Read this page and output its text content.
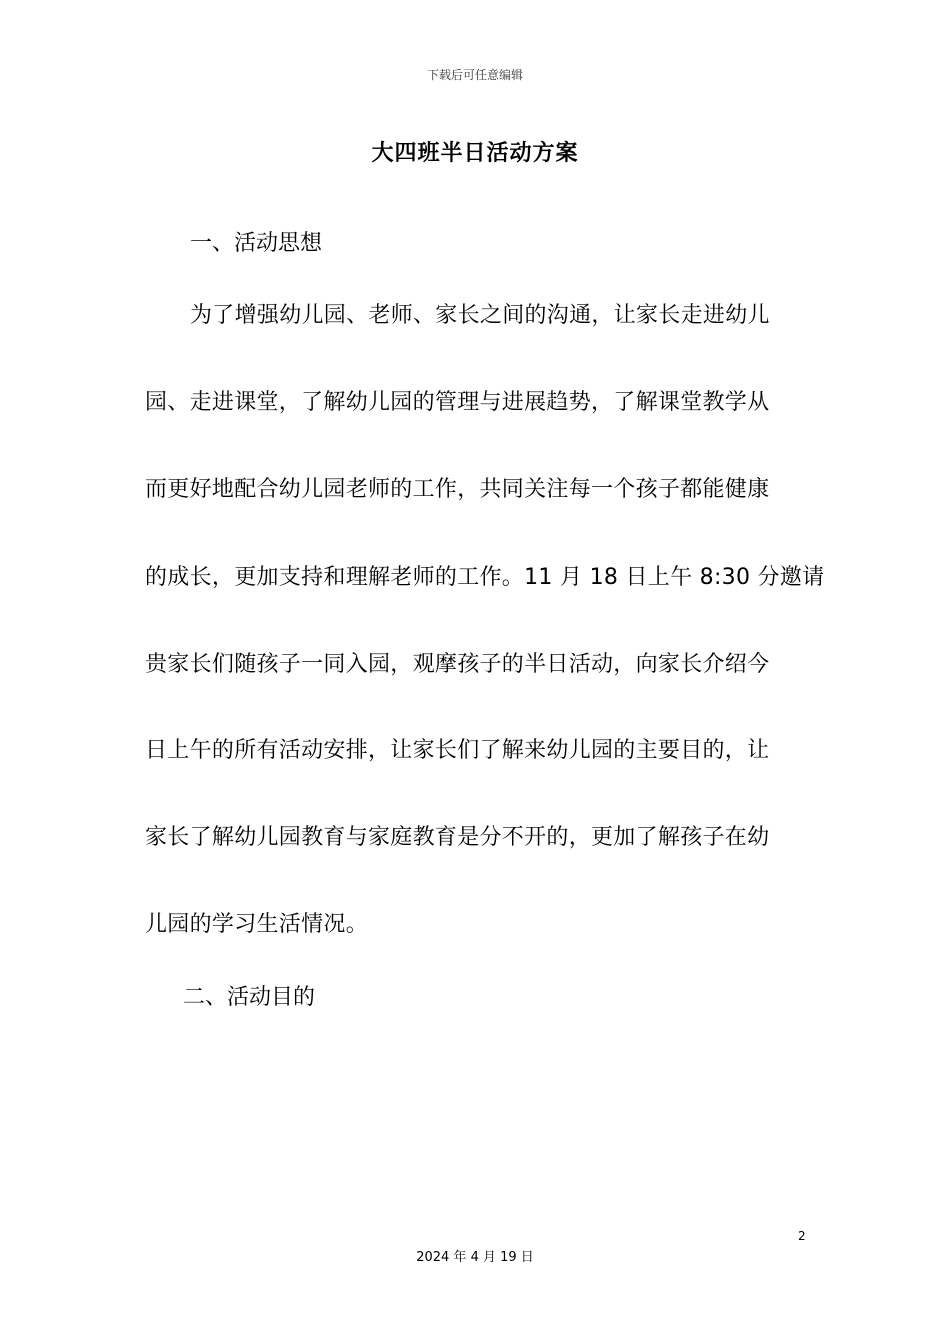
下载后可任意编辑
大四班半日活动方案
一、活动思想
为了增强幼儿园、老师、家长之间的沟通，让家长走进幼儿
园、走进课堂，了解幼儿园的管理与进展趋势，了解课堂教学从
而更好地配合幼儿园老师的工作，共同关注每一个孩子都能健康
的成长，更加支持和理解老师的工作。11 月 18 日上午 8:30 分邀请
贵家长们随孩子一同入园，观摩孩子的半日活动，向家长介绍今
日上午的所有活动安排，让家长们了解来幼儿园的主要目的，让
家长了解幼儿园教育与家庭教育是分不开的，更加了解孩子在幼
儿园的学习生活情况。
二、活动目的
2
2024 年 4 月 19 日
